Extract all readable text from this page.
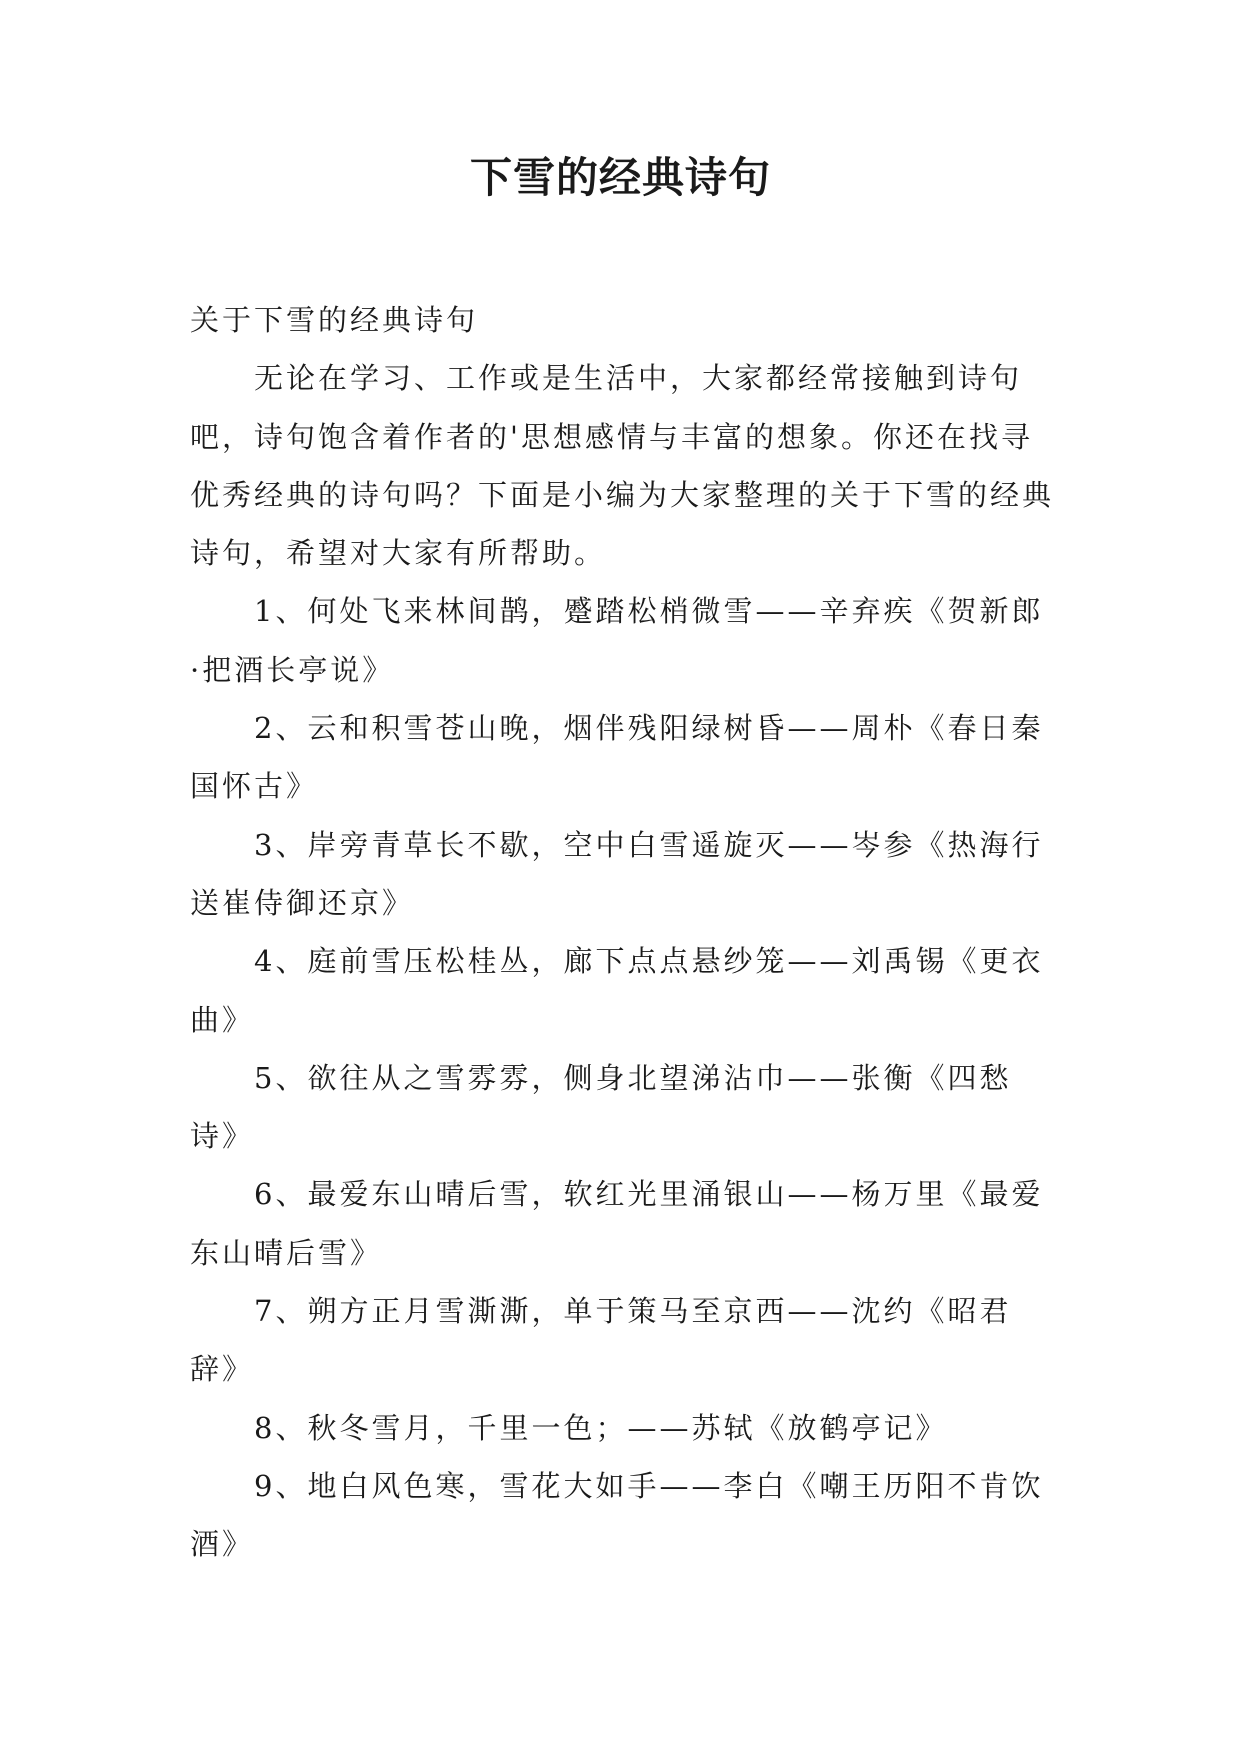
下雪的经典诗句

关于下雪的经典诗句

无论在学习、工作或是生活中，大家都经常接触到诗句吧，诗句饱含着作者的'思想感情与丰富的想象。你还在找寻优秀经典的诗句吗？下面是小编为大家整理的关于下雪的经典诗句，希望对大家有所帮助。

1、何处飞来林间鹊，蹙踏松梢微雪——辛弃疾《贺新郎·把酒长亭说》

2、云和积雪苍山晚，烟伴残阳绿树昏——周朴《春日秦国怀古》

3、岸旁青草长不歇，空中白雪遥旋灭——岑参《热海行送崔侍御还京》

4、庭前雪压松桂丛，廊下点点悬纱笼——刘禹锡《更衣曲》

5、欲往从之雪雰雰，侧身北望涕沾巾——张衡《四愁诗》

6、最爱东山晴后雪，软红光里涌银山——杨万里《最爱东山晴后雪》

7、朔方正月雪澌澌，单于策马至京西——沈约《昭君辞》

8、秋冬雪月，千里一色；——苏轼《放鹤亭记》

9、地白风色寒，雪花大如手——李白《嘲王历阳不肯饮酒》
